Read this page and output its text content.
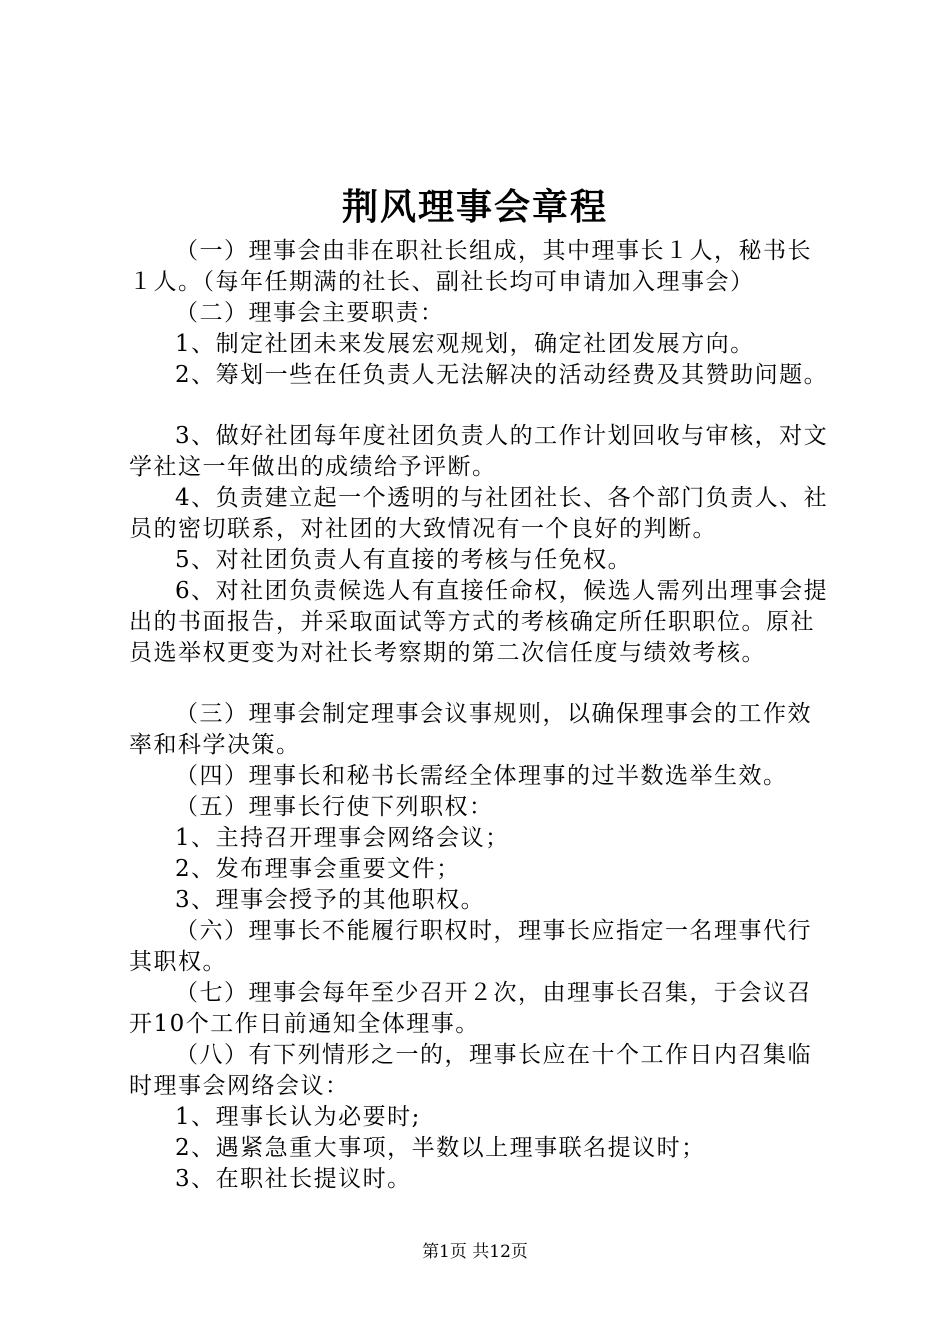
荆风理事会章程

（一）理事会由非在职社长组成，其中理事长１人，秘书长１人。（每年任期满的社长、副社长均可申请加入理事会）

（二）理事会主要职责：

1、制定社团未来发展宏观规划，确定社团发展方向。

2、筹划一些在任负责人无法解决的活动经费及其赞助问题。

3、做好社团每年度社团负责人的工作计划回收与审核，对文学社这一年做出的成绩给予评断。

4、负责建立起一个透明的与社团社长、各个部门负责人、社员的密切联系，对社团的大致情况有一个良好的判断。

5、对社团负责人有直接的考核与任免权。

6、对社团负责候选人有直接任命权，候选人需列出理事会提出的书面报告，并采取面试等方式的考核确定所任职职位。原社员选举权更变为对社长考察期的第二次信任度与绩效考核。

（三）理事会制定理事会议事规则，以确保理事会的工作效率和科学决策。

（四）理事长和秘书长需经全体理事的过半数选举生效。

（五）理事长行使下列职权：

1、主持召开理事会网络会议；

2、发布理事会重要文件；

3、理事会授予的其他职权。

（六）理事长不能履行职权时，理事长应指定一名理事代行其职权。

（七）理事会每年至少召开２次，由理事长召集，于会议召开10个工作日前通知全体理事。

（八）有下列情形之一的，理事长应在十个工作日内召集临时理事会网络会议：

1、理事长认为必要时;

2、遇紧急重大事项，半数以上理事联名提议时；

3、在职社长提议时。

第1页 共12页
